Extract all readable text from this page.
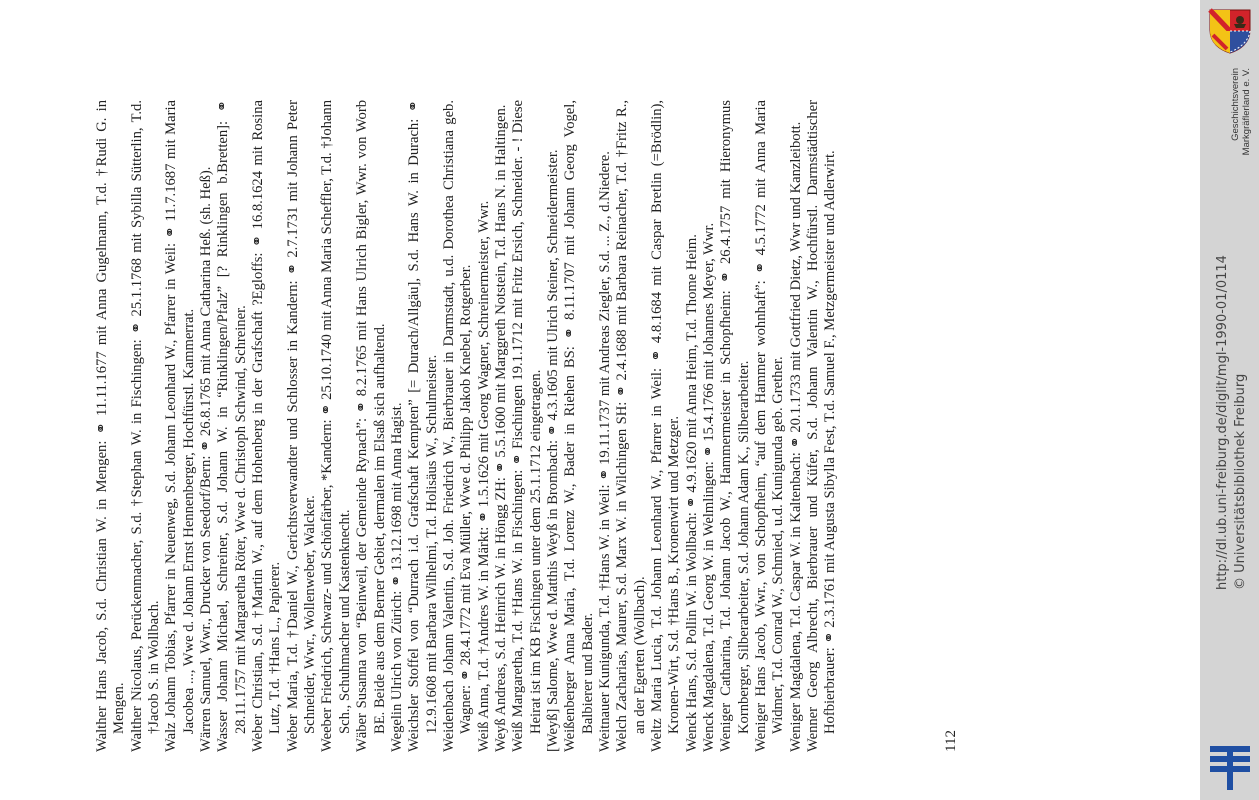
Walther Hans Jacob, S.d. Christian W. in Mengen: ⚭ 11.11.1677 mit Anna Gugelmann, T.d. †Rudi G. in Mengen. Walther Nicolaus, Perückenmacher, S.d. †Stephan W. in Fischingen: ⚭ 25.1.1768 mit Sybilla Sütterlin, T.d. †Jacob S. in Wollbach. Walz Johann Tobias, Pfarrer in Neuenweg, S.d. Johann Leonhard W., Pfarrer in Weil: ⚭ 11.7.1687 mit Maria Jacobea ..., Wwe d. Johann Ernst Hennenberger, Hochfürstl. Kammerrat. Wärren Samuel, Wwr., Drucker von Seedorf/Bern: ⚭ 26.8.1765 mit Anna Catharina Heß. (sh. Heß). Wasser Johann Michael, Schreiner, S.d. Johann W. in “Rinklingen/Pfalz” [? Rinklingen b.Bretten]: ⚭ 28.11.1757 mit Margaretha Röter, Wwe d. Christoph Schwind, Schreiner. Weber Christian, S.d. †Martin W., auf dem Hohenberg in der Grafschaft ?Egloffs: ⚭ 16.8.1624 mit Rosina Lutz, T.d. †Hans L., Papierer. Weber Maria, T.d. †Daniel W., Gerichtsverwandter und Schlosser in Kandern: ⚭ 2.7.1731 mit Johann Peter Schneider, Wwr., Wollenweber, Walcker. Weeber Friedrich, Schwarz- und Schönfärber, *Kandern: ⚭ 25.10.1740 mit Anna Maria Scheffler, T.d. †Johann Sch., Schuhmacher und Kastenknecht. Wäber Susanna von “Beinweil, der Gemeinde Rynach”: ⚭ 8.2.1765 mit Hans Ulrich Bigler, Wwr. von Worb BE. Beide aus dem Berner Gebiet, dermalen im Elsaß sich aufhaltend. Wegelin Ulrich von Zürich: ⚭ 13.12.1698 mit Anna Hagist. Weichsler Stoffel von “Durrach i.d. Grafschaft Kempten” [= Durach/Allgäu], S.d. Hans W. in Durach: ⚭ 12.9.1608 mit Barbara Wilhelmi, T.d. Holisäus W., Schulmeister. Weidenbach Johann Valentin, S.d. Joh. Friedrich W., Bierbrauer in Darmstadt, u.d. Dorothea Christiana geb. Wagner: ⚭ 28.4.1772 mit Eva Müller, Wwe d. Philipp Jakob Knebel, Rotgerber. Weiß Anna, T.d. †Andres W. in Märkt: ⚭ 1.5.1626 mit Georg Wagner, Schreinermeister, Wwr. Weyß Andreas, S.d. Heinrich W. in Höngg ZH: ⚭ 5.5.1600 mit Marggreth Notstein, T.d. Hans N. in Haltingen. Weiß Margaretha, T.d. †Hans W. in Fischingen: ⚭ Fischingen 19.1.1712 mit Fritz Ersich, Schneider. - ! Diese Heirat ist im KB Fischingen unter dem 25.1.1712 eingetragen. [Weyß] Salome, Wwe d. Matthis Weyß in Brombach: ⚭ 4.3.1605 mit Ulrich Steiner, Schneidermeister. Weißenberger Anna Maria, T.d. Lorenz W., Bader in Riehen BS: ⚭ 8.11.1707 mit Johann Georg Vogel, Balbierer und Bader. Weitnauer Kunigunda, T.d. †Hans W. in Weil: ⚭ 19.11.1737 mit Andreas Ziegler, S.d. ... Z., d.Niedere. Welch Zacharias, Maurer, S.d. Marx W. in Wilchingen SH: ⚭ 2.4.1688 mit Barbara Reinacher, T.d. †Fritz R., an der Egerten (Wollbach). Weltz Maria Lucia, T.d. Johann Leonhard W., Pfarrer in Weil: ⚭ 4.8.1684 mit Caspar Bretlin (=Brödlin), Kronen-Wirt, S.d. †Hans B., Kronenwirt und Metzger. Wenck Hans, S.d. Pollin W. in Wollbach: ⚭ 4.9.1620 mit Anna Heim, T.d. Thome Heim. Wenck Magdalena, T.d. Georg W. in Welmlingen: ⚭ 15.4.1766 mit Johannes Meyer, Wwr. Weniger Catharina, T.d. Johann Jacob W., Hammermeister in Schopfheim: ⚭ 26.4.1757 mit Hieronymus Kornberger, Silberarbeiter, S.d. Johann Adam K., Silberarbeiter. Weniger Hans Jacob, Wwr., von Schopfheim, “auf dem Hammer wohnhaft”: ⚭ 4.5.1772 mit Anna Maria Widmer, T.d. Conrad W., Schmied, u.d. Kunigunda geb. Grether. Weniger Magdalena, T.d. Caspar W. in Kaltenbach: ⚭ 20.1.1733 mit Gottfried Dietz, Wwr und Kanzleibott. Wenner Georg Albrecht, Bierbrauer und Küfer, S.d. Johann Valentin W., Hochfürstl. Darmstädtischer Hofbierbrauer: ⚭ 2.3.1761 mit Augusta Sibylla Fest, T.d. Samuel F., Metzgermeister und Adlerwirt.

112
Geschichtsverein Markgräflerland e. V.
http://dl.ub.uni-freiburg.de/diglit/mgl-1990-01/0114 © Universitätsbibliothek Freiburg
